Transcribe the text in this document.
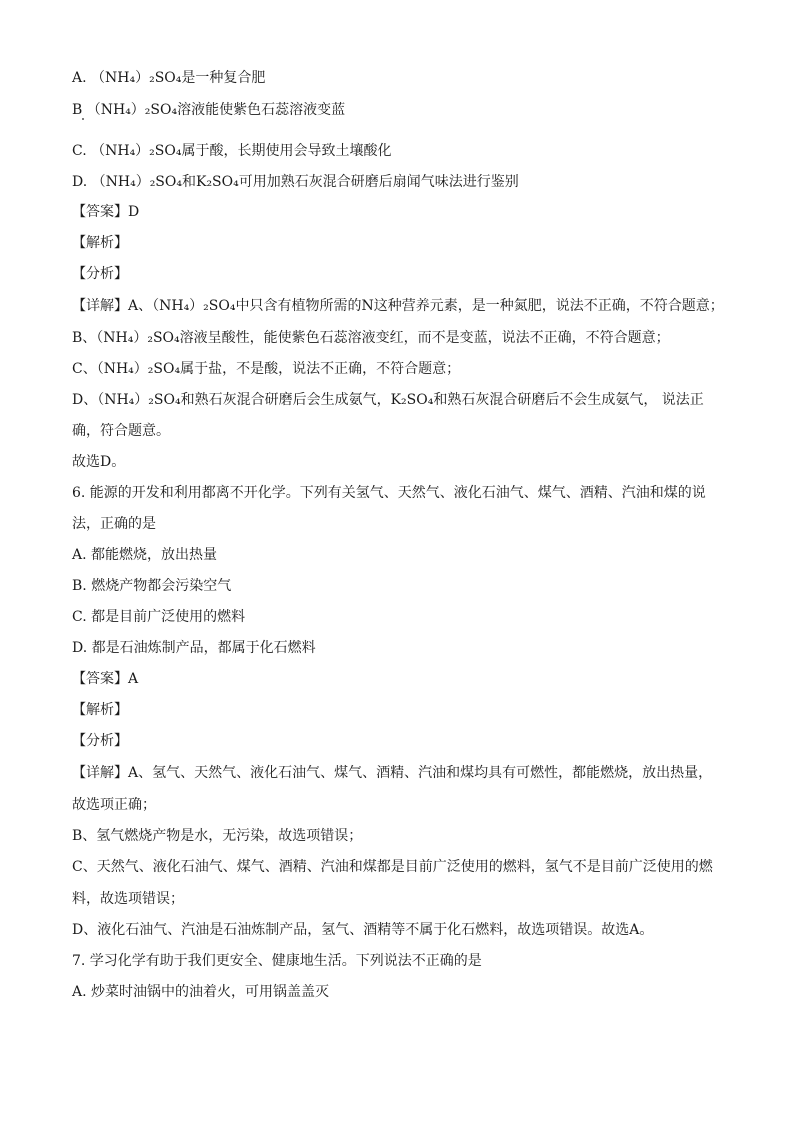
A. （NH₄）₂SO₄是一种复合肥
B （NH₄）₂SO₄溶液能使紫色石蕊溶液变蓝
C. （NH₄）₂SO₄属于酸，长期使用会导致土壤酸化
D. （NH₄）₂SO₄和K₂SO₄可用加熟石灰混合研磨后扇闻气味法进行鉴别
【答案】D
【解析】
【分析】
【详解】A、（NH₄）₂SO₄中只含有植物所需的N这种营养元素，是一种氮肥，说法不正确，不符合题意；
B、（NH₄）₂SO₄溶液呈酸性，能使紫色石蕊溶液变红，而不是变蓝，说法不正确，不符合题意；
C、（NH₄）₂SO₄属于盐，不是酸，说法不正确，不符合题意；
D、（NH₄）₂SO₄和熟石灰混合研磨后会生成氨气，K₂SO₄和熟石灰混合研磨后不会生成氨气， 说法正
确，符合题意。
故选D。
6. 能源的开发和利用都离不开化学。下列有关氢气、天然气、液化石油气、煤气、酒精、汽油和煤的说
法，正确的是
A. 都能燃烧，放出热量
B. 燃烧产物都会污染空气
C. 都是目前广泛使用的燃料
D. 都是石油炼制产品，都属于化石燃料
【答案】A
【解析】
【分析】
【详解】A、氢气、天然气、液化石油气、煤气、酒精、汽油和煤均具有可燃性，都能燃烧，放出热量，
故选项正确；
B、氢气燃烧产物是水，无污染，故选项错误；
C、天然气、液化石油气、煤气、酒精、汽油和煤都是目前广泛使用的燃料，氢气不是目前广泛使用的燃
料，故选项错误；
D、液化石油气、汽油是石油炼制产品，氢气、酒精等不属于化石燃料，故选项错误。故选A。
7. 学习化学有助于我们更安全、健康地生活。下列说法不正确的是
A. 炒菜时油锅中的油着火，可用锅盖盖灭
